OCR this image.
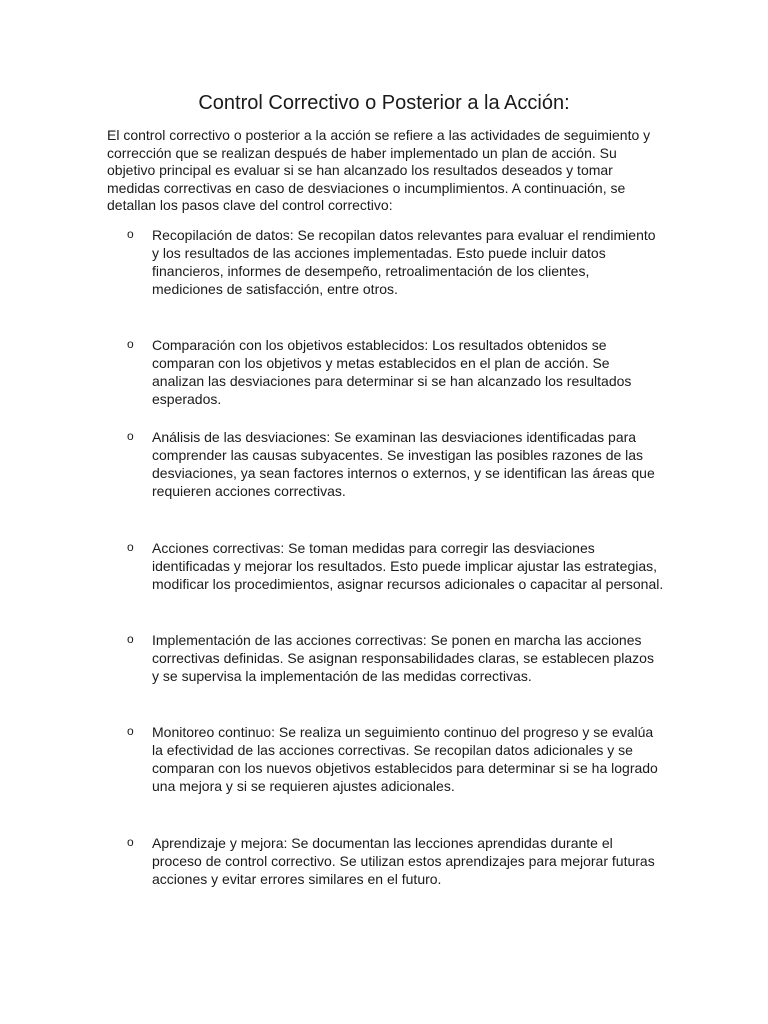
Control Correctivo o Posterior a la Acción:

El control correctivo o posterior a la acción se refiere a las actividades de seguimiento y corrección que se realizan después de haber implementado un plan de acción. Su objetivo principal es evaluar si se han alcanzado los resultados deseados y tomar medidas correctivas en caso de desviaciones o incumplimientos. A continuación, se detallan los pasos clave del control correctivo:

o Recopilación de datos: Se recopilan datos relevantes para evaluar el rendimiento y los resultados de las acciones implementadas. Esto puede incluir datos financieros, informes de desempeño, retroalimentación de los clientes, mediciones de satisfacción, entre otros.

o Comparación con los objetivos establecidos: Los resultados obtenidos se comparan con los objetivos y metas establecidos en el plan de acción. Se analizan las desviaciones para determinar si se han alcanzado los resultados esperados.

o Análisis de las desviaciones: Se examinan las desviaciones identificadas para comprender las causas subyacentes. Se investigan las posibles razones de las desviaciones, ya sean factores internos o externos, y se identifican las áreas que requieren acciones correctivas.

o Acciones correctivas: Se toman medidas para corregir las desviaciones identificadas y mejorar los resultados. Esto puede implicar ajustar las estrategias, modificar los procedimientos, asignar recursos adicionales o capacitar al personal.

o Implementación de las acciones correctivas: Se ponen en marcha las acciones correctivas definidas. Se asignan responsabilidades claras, se establecen plazos y se supervisa la implementación de las medidas correctivas.

o Monitoreo continuo: Se realiza un seguimiento continuo del progreso y se evalúa la efectividad de las acciones correctivas. Se recopilan datos adicionales y se comparan con los nuevos objetivos establecidos para determinar si se ha logrado una mejora y si se requieren ajustes adicionales.

o Aprendizaje y mejora: Se documentan las lecciones aprendidas durante el proceso de control correctivo. Se utilizan estos aprendizajes para mejorar futuras acciones y evitar errores similares en el futuro.
